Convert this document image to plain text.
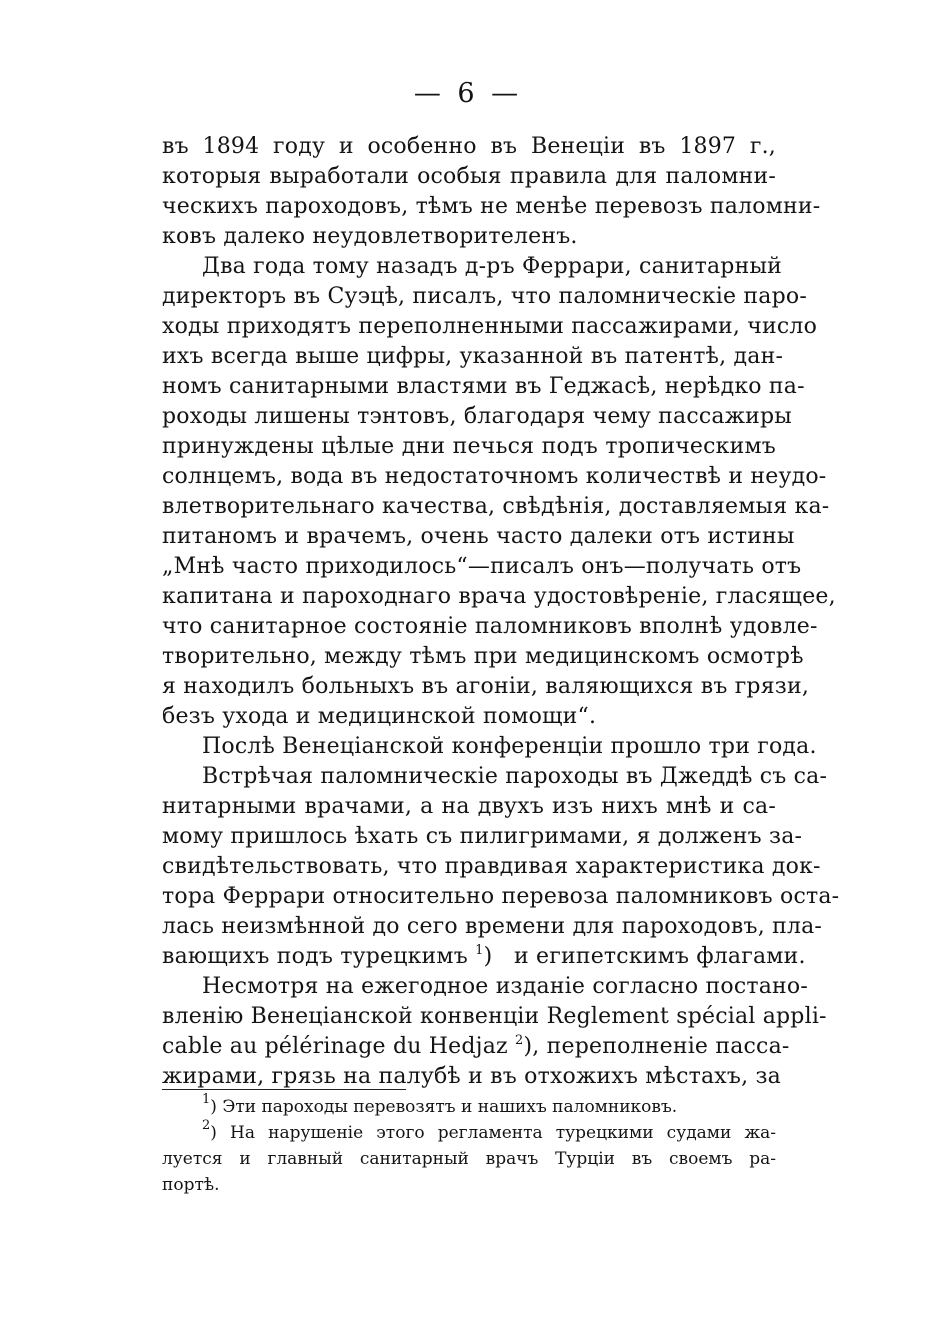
— 6 —
въ 1894 году и особенно въ Венеціи въ 1897 г.,
которыя выработали особыя правила для паломни-
ческихъ пароходовъ, тѣмъ не менѣе перевозъ паломни-
ковъ далеко неудовлетворителенъ.
Два года тому назадъ д-ръ Феррари, санитарный
директоръ въ Суэцѣ, писалъ, что паломническіе паро-
ходы приходятъ переполненными пассажирами, число
ихъ всегда выше цифры, указанной въ патентѣ, дан-
номъ санитарными властями въ Геджасѣ, нерѣдко па-
роходы лишены тэнтовъ, благодаря чему пассажиры
принуждены цѣлые дни печься подъ тропическимъ
солнцемъ, вода въ недостаточномъ количествѣ и неудо-
влетворительнаго качества, свѣдѣнія, доставляемыя ка-
питаномъ и врачемъ, очень часто далеки отъ истины
„Мнѣ часто приходилось“—писалъ онъ—получать отъ
капитана и пароходнаго врача удостовѣреніе, гласящее,
что санитарное состояніе паломниковъ вполнѣ удовле-
творительно, между тѣмъ при медицинскомъ осмотрѣ
я находилъ больныхъ въ агоніи, валяющихся въ грязи,
безъ ухода и медицинской помощи“.
Послѣ Венеціанской конференціи прошло три года.
Встрѣчая паломническіе пароходы въ Джеддѣ съ са-
нитарными врачами, а на двухъ изъ нихъ мнѣ и са-
мому пришлось ѣхать съ пилигримами, я долженъ за-
свидѣтельствовать, что правдивая характеристика док-
тора Феррари относительно перевоза паломниковъ оста-
лась неизмѣнной до сего времени для пароходовъ, пла-
вающихъ подъ турецкимъ $^1$) и египетскимъ флагами.
Несмотря на ежегодное изданіе согласно постано-
вленію Венеціанской конвенціи Reglement spécial appli-
cable au pélérinage du Hedjaz $^2$), переполненіе пасса-
жирами, грязь на палубѣ и въ отхожихъ мѣстахъ, за
$^1$) Эти пароходы перевозятъ и нашихъ паломниковъ.
$^2$) На нарушеніе этого регламента турецкими судами жа-
луется и главный санитарный врачъ Турціи въ своемъ ра-
портѣ.
